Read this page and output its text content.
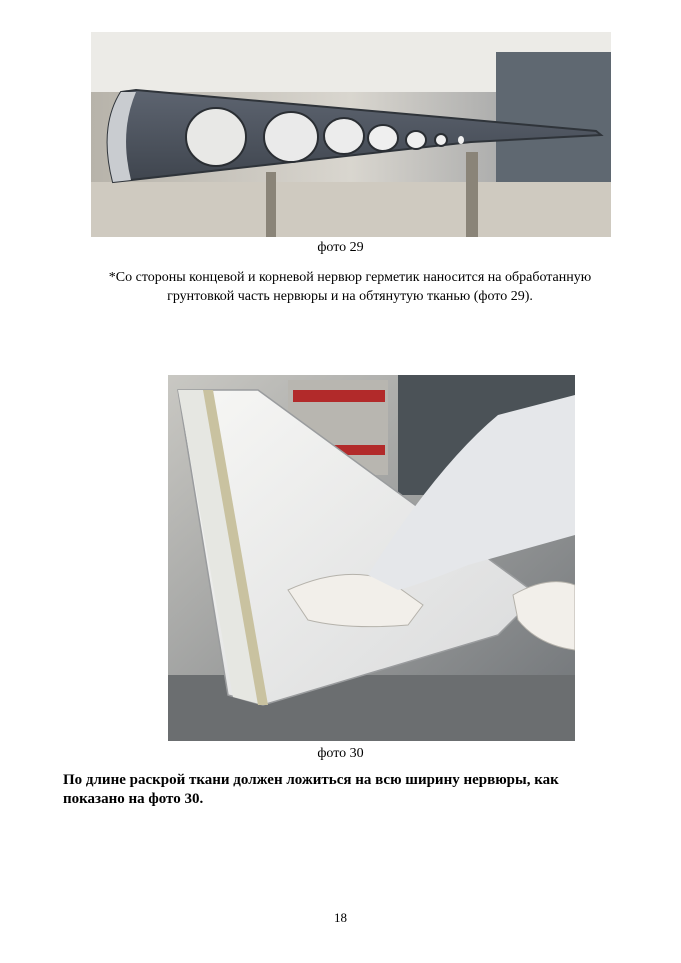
фото 29
*Со стороны концевой и корневой нервюр герметик наносится на обработанную грунтовкой часть нервюры и на обтянутую тканью (фото 29).
фото 30
По длине раскрой ткани должен ложиться на всю ширину нервюры, как показано на фото 30.
18
